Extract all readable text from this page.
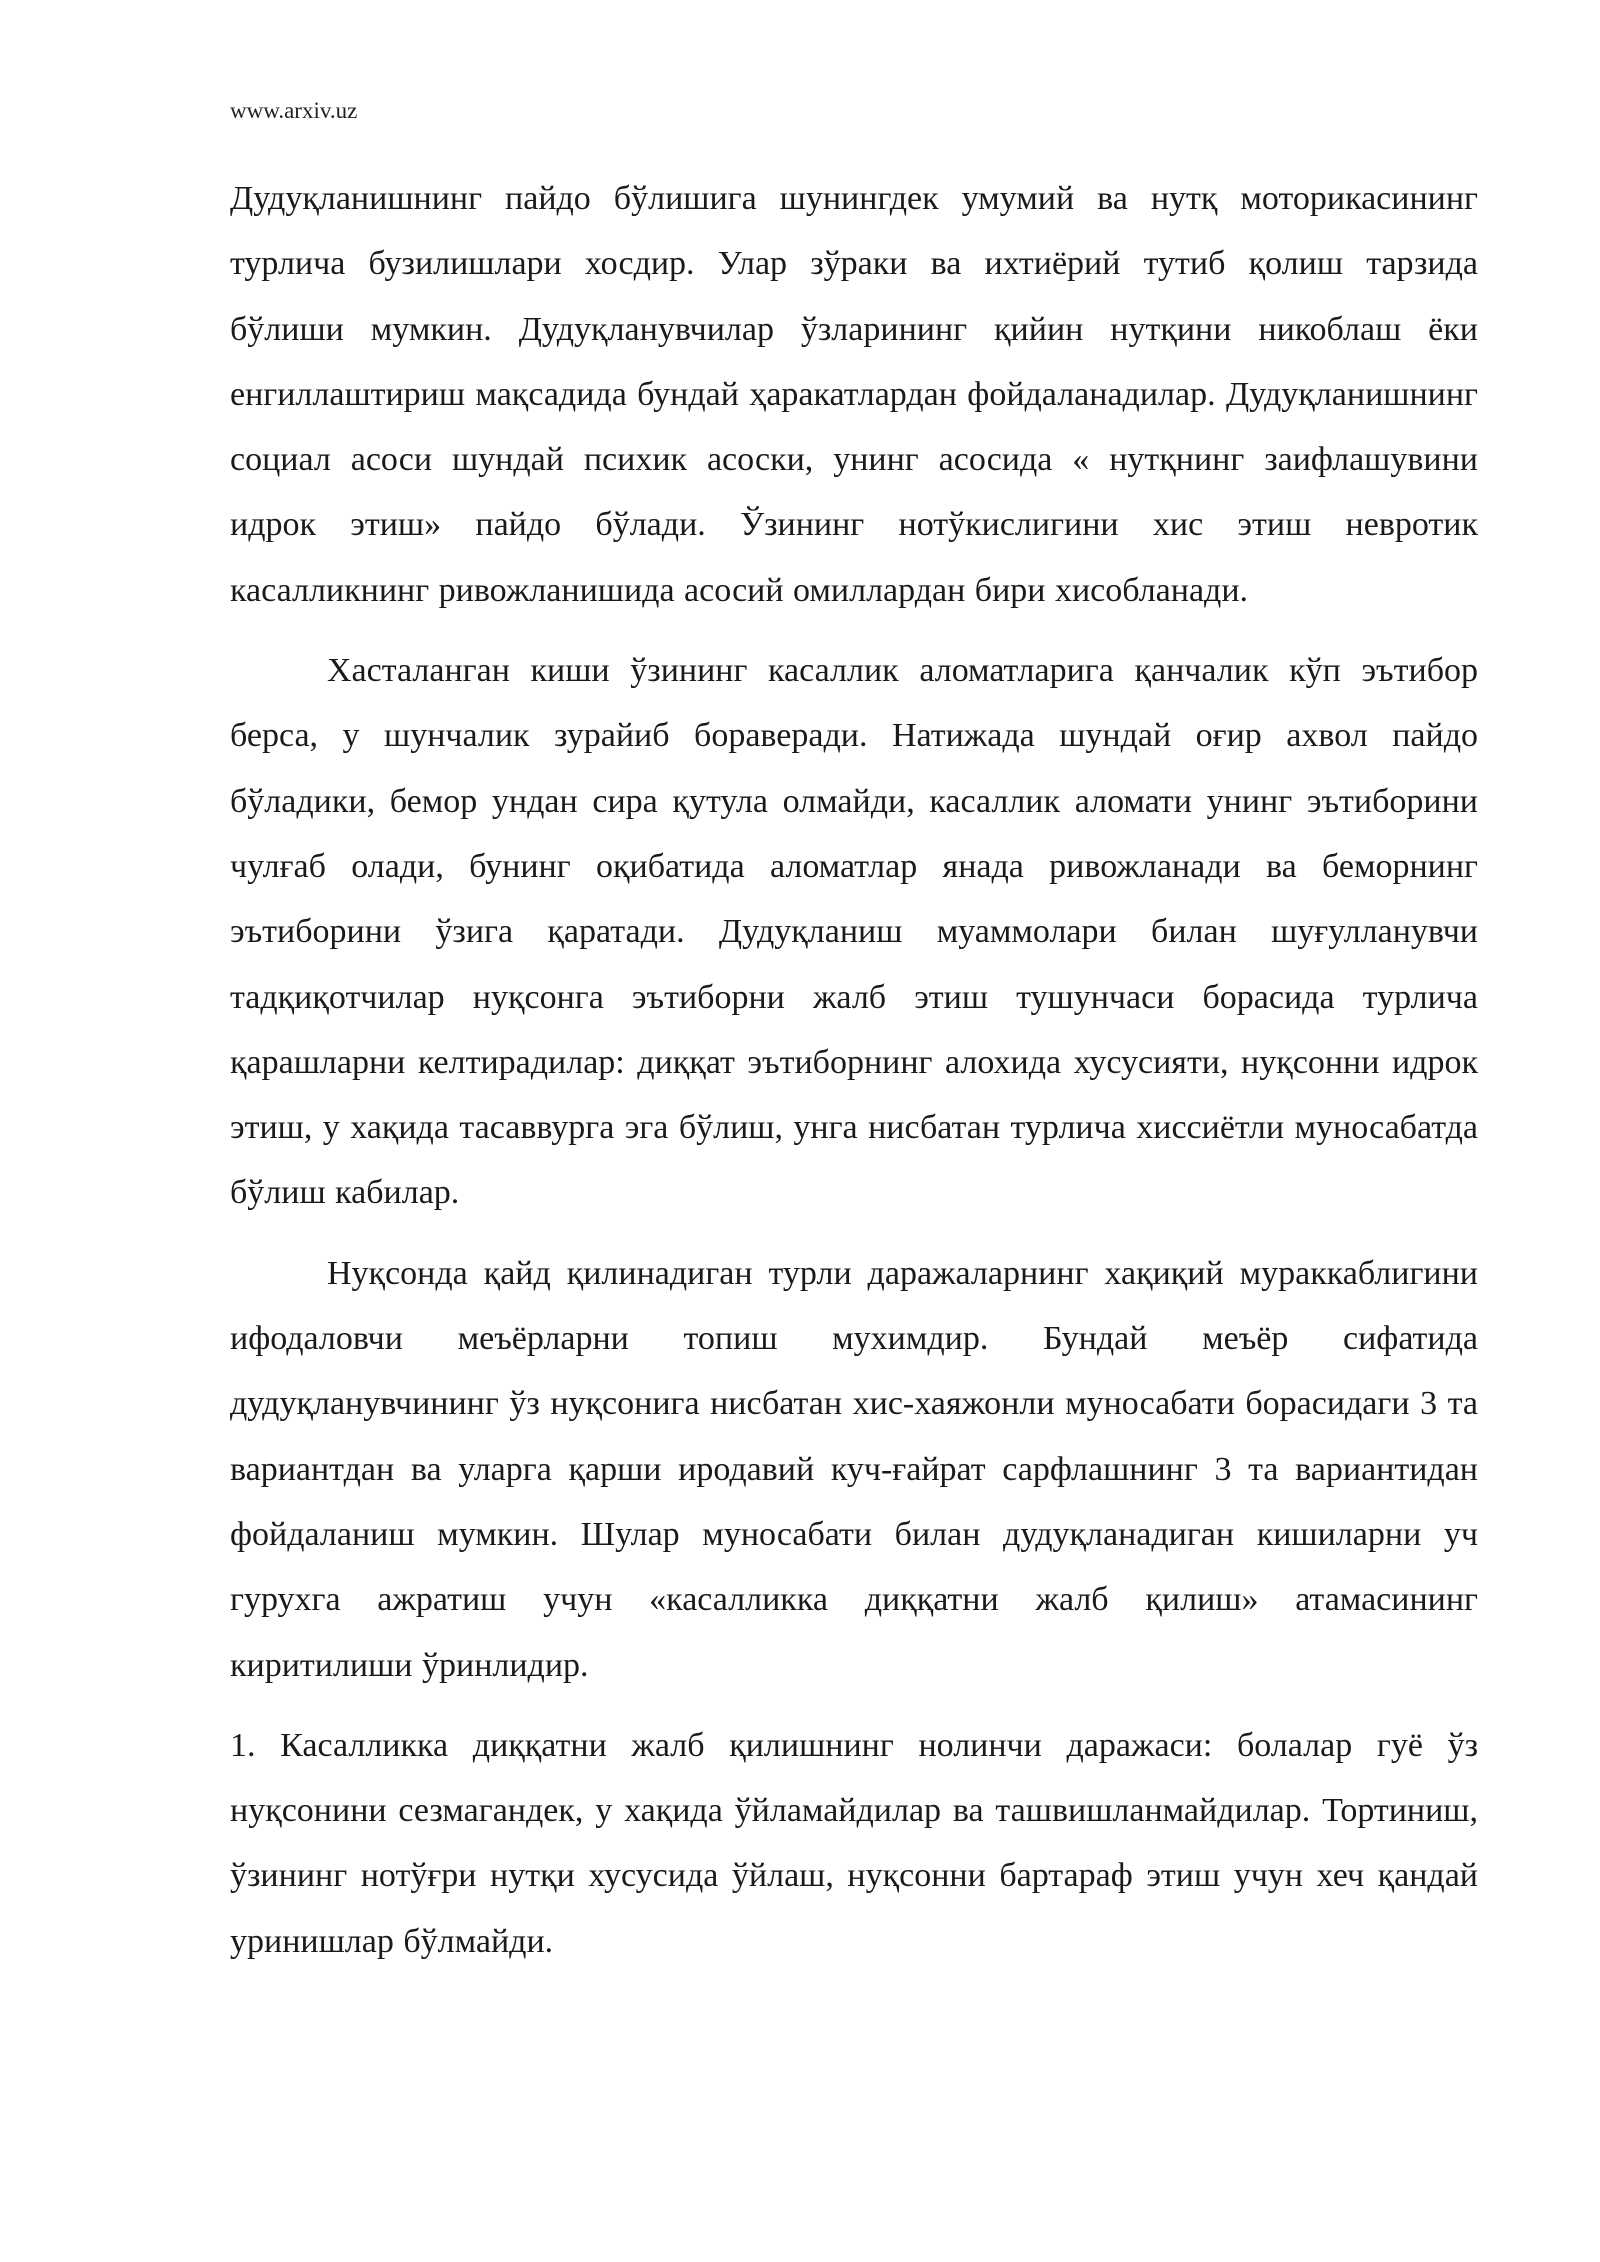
www.arxiv.uz

Дудуқланишнинг пайдо бўлишига шунингдек умумий ва нутқ моторикасининг турлича бузилишлари хосдир. Улар зўраки ва ихтиёрий тутиб қолиш тарзида бўлиши мумкин. Дудуқланувчилар ўзларининг қийин нутқини никоблаш ёки енгиллаштириш мақсадида бундай ҳаракатлардан фойдаланадилар. Дудуқланишнинг социал асоси шундай психик асоски, унинг асосида « нутқнинг заифлашувини идрок этиш» пайдо бўлади. Ўзининг нотўкислигини хис этиш невротик касалликнинг ривожланишида асосий омиллардан бири хисобланади.

Хасталанган киши ўзининг касаллик аломатларига қанчалик кўп эътибор берса, у шунчалик зурайиб бораверади. Натижада шундай оғир ахвол пайдо бўладики, бемор ундан сира қутула олмайди, касаллик аломати унинг эътиборини чулғаб олади, бунинг оқибатида аломатлар янада ривожланади ва беморнинг эътиборини ўзига қаратади. Дудуқланиш муаммолари билан шуғулланувчи тадқиқотчилар нуқсонга эътиборни жалб этиш тушунчаси борасида турлича қарашларни келтирадилар: диққат эътиборнинг алохида хусусияти, нуқсонни идрок этиш, у хақида тасаввурга эга бўлиш, унга нисбатан турлича хиссиётли муносабатда бўлиш кабилар.

Нуқсонда қайд қилинадиган турли даражаларнинг хақиқий мураккаблигини ифодаловчи меъёрларни топиш мухимдир. Бундай меъёр сифатида дудуқланувчининг ўз нуқсонига нисбатан хис-хаяжонли муносабати борасидаги 3 та вариантдан ва уларга қарши иродавий куч-ғайрат сарфлашнинг 3 та вариантидан фойдаланиш мумкин. Шулар муносабати билан дудуқланадиган кишиларни уч гурухга ажратиш учун «касалликка диққатни жалб қилиш» атамасининг киритилиши ўринлидир.

1. Касалликка диққатни жалб қилишнинг нолинчи даражаси: болалар гуё ўз нуқсонини сезмагандек, у хақида ўйламайдилар ва ташвишланмайдилар. Тортиниш, ўзининг нотўғри нутқи хусусида ўйлаш, нуқсонни бартараф этиш учун хеч қандай уринишлар бўлмайди.
